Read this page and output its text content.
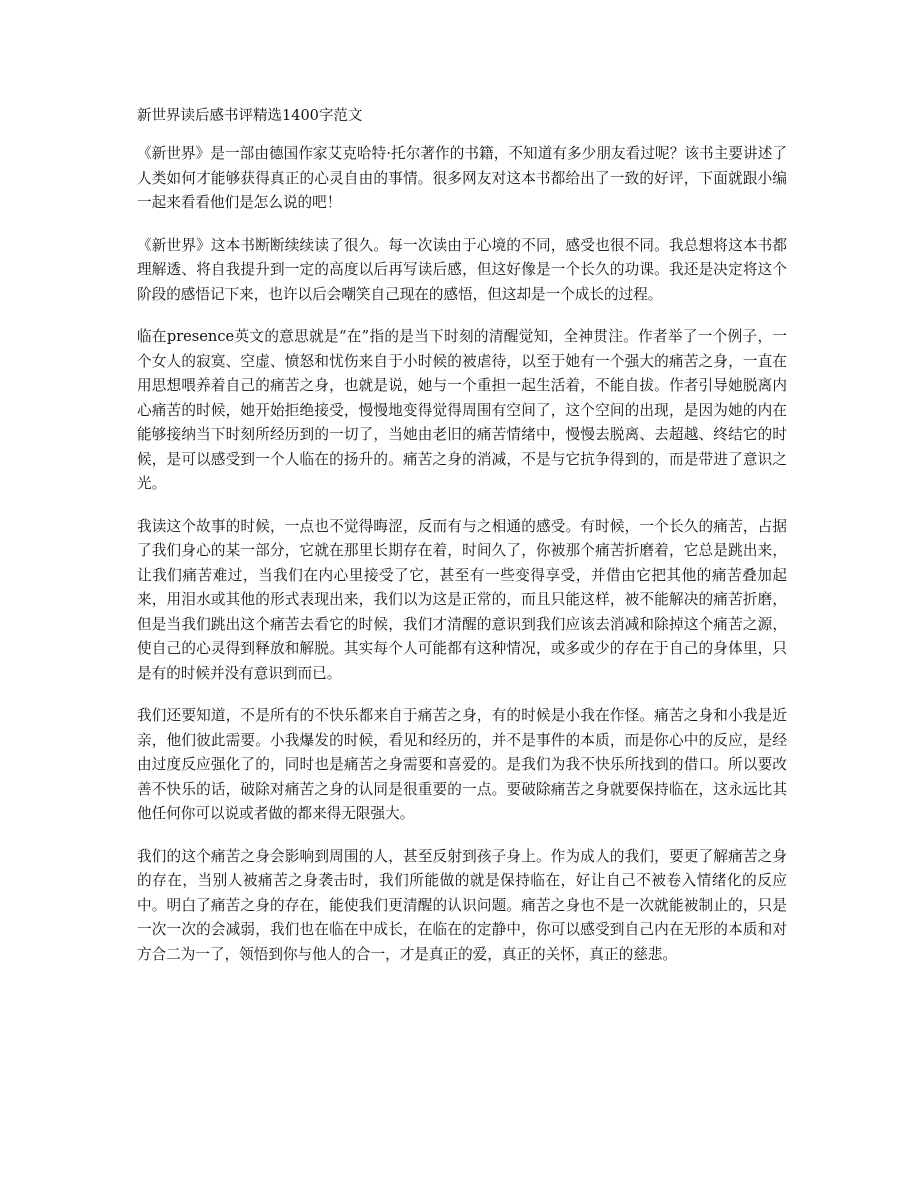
新世界读后感书评精选1400字范文

《新世界》是一部由德国作家艾克哈特·托尔著作的书籍，不知道有多少朋友看过呢？该书主要讲述了人类如何才能够获得真正的心灵自由的事情。很多网友对这本书都给出了一致的好评，下面就跟小编一起来看看他们是怎么说的吧！

《新世界》这本书断断续续读了很久。每一次读由于心境的不同，感受也很不同。我总想将这本书都理解透、将自我提升到一定的高度以后再写读后感，但这好像是一个长久的功课。我还是决定将这个阶段的感悟记下来，也许以后会嘲笑自己现在的感悟，但这却是一个成长的过程。

临在presence英文的意思就是“在”指的是当下时刻的清醒觉知，全神贯注。作者举了一个例子，一个女人的寂寞、空虚、愤怒和忧伤来自于小时候的被虐待，以至于她有一个强大的痛苦之身，一直在用思想喂养着自己的痛苦之身，也就是说，她与一个重担一起生活着，不能自拔。作者引导她脱离内心痛苦的时候，她开始拒绝接受，慢慢地变得觉得周围有空间了，这个空间的出现，是因为她的内在能够接纳当下时刻所经历到的一切了，当她由老旧的痛苦情绪中，慢慢去脱离、去超越、终结它的时候，是可以感受到一个人临在的扬升的。痛苦之身的消减，不是与它抗争得到的，而是带进了意识之光。

我读这个故事的时候，一点也不觉得晦涩，反而有与之相通的感受。有时候，一个长久的痛苦，占据了我们身心的某一部分，它就在那里长期存在着，时间久了，你被那个痛苦折磨着，它总是跳出来，让我们痛苦难过，当我们在内心里接受了它，甚至有一些变得享受，并借由它把其他的痛苦叠加起来，用泪水或其他的形式表现出来，我们以为这是正常的，而且只能这样，被不能解决的痛苦折磨，但是当我们跳出这个痛苦去看它的时候，我们才清醒的意识到我们应该去消减和除掉这个痛苦之源，使自己的心灵得到释放和解脱。其实每个人可能都有这种情况，或多或少的存在于自己的身体里，只是有的时候并没有意识到而已。

我们还要知道，不是所有的不快乐都来自于痛苦之身，有的时候是小我在作怪。痛苦之身和小我是近亲，他们彼此需要。小我爆发的时候，看见和经历的，并不是事件的本质，而是你心中的反应，是经由过度反应强化了的，同时也是痛苦之身需要和喜爱的。是我们为我不快乐所找到的借口。所以要改善不快乐的话，破除对痛苦之身的认同是很重要的一点。要破除痛苦之身就要保持临在，这永远比其他任何你可以说或者做的都来得无限强大。

我们的这个痛苦之身会影响到周围的人，甚至反射到孩子身上。作为成人的我们，要更了解痛苦之身的存在，当别人被痛苦之身袭击时，我们所能做的就是保持临在，好让自己不被卷入情绪化的反应中。明白了痛苦之身的存在，能使我们更清醒的认识问题。痛苦之身也不是一次就能被制止的，只是一次一次的会减弱，我们也在临在中成长，在临在的定静中，你可以感受到自己内在无形的本质和对方合二为一了，领悟到你与他人的合一，才是真正的爱，真正的关怀，真正的慈悲。
